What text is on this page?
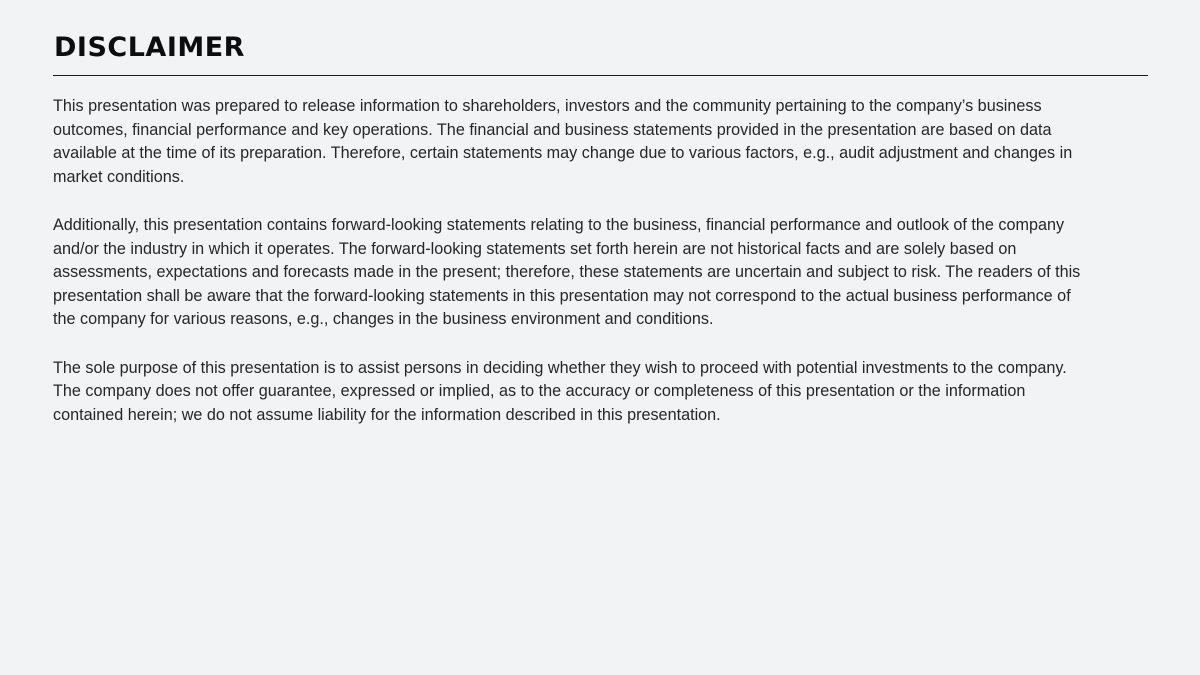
DISCLAIMER

This presentation was prepared to release information to shareholders, investors and the community pertaining to the company’s business outcomes, financial performance and key operations. The financial and business statements provided in the presentation are based on data available at the time of its preparation. Therefore, certain statements may change due to various factors, e.g., audit adjustment and changes in market conditions.

Additionally, this presentation contains forward-looking statements relating to the business, financial performance and outlook of the company and/or the industry in which it operates. The forward-looking statements set forth herein are not historical facts and are solely based on assessments, expectations and forecasts made in the present; therefore, these statements are uncertain and subject to risk. The readers of this presentation shall be aware that the forward-looking statements in this presentation may not correspond to the actual business performance of the company for various reasons, e.g., changes in the business environment and conditions.

The sole purpose of this presentation is to assist persons in deciding whether they wish to proceed with potential investments to the company. The company does not offer guarantee, expressed or implied, as to the accuracy or completeness of this presentation or the information contained herein; we do not assume liability for the information described in this presentation.
